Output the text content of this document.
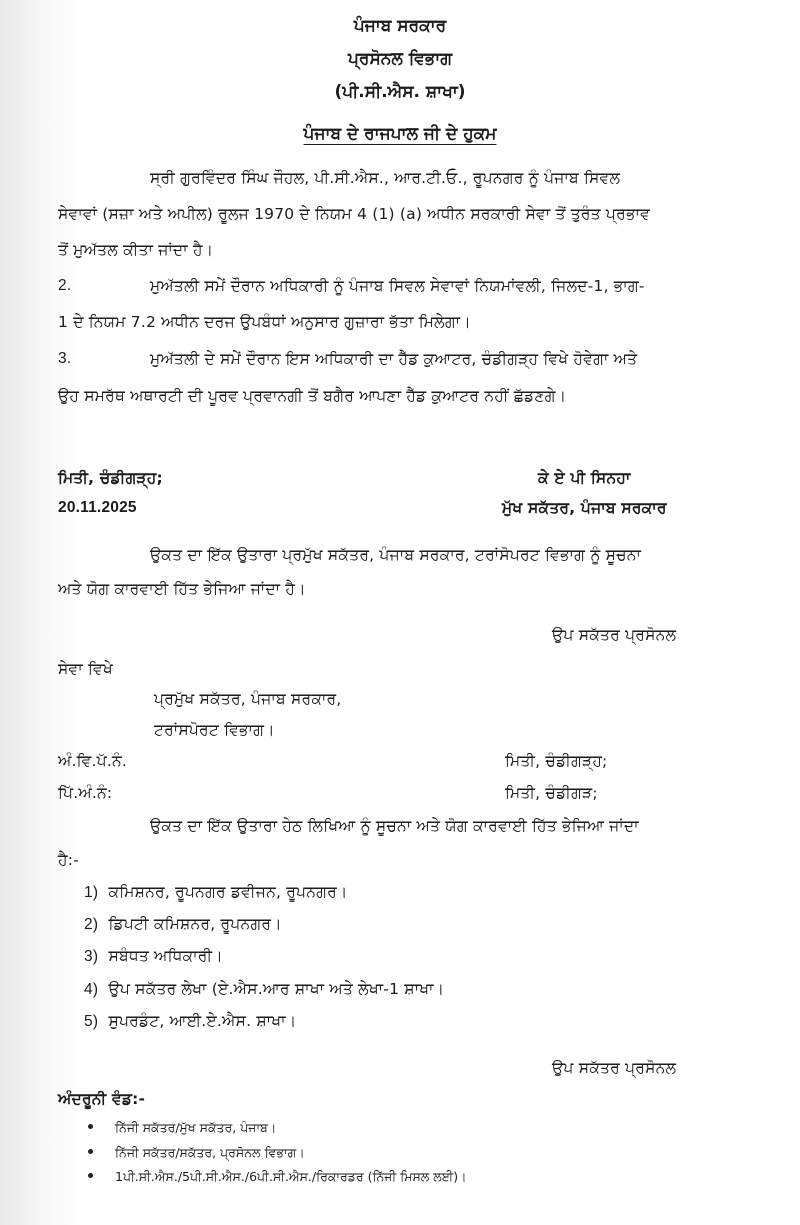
ਪੰਜਾਬ ਸਰਕਾਰ
ਪ੍ਰਸੋਨਲ ਵਿਭਾਗ
(ਪੀ.ਸੀ.ਐਸ. ਸ਼ਾਖਾ)
ਪੰਜਾਬ ਦੇ ਰਾਜਪਾਲ ਜੀ ਦੇ ਹੁਕਮ
ਸ੍ਰੀ ਗੁਰਵਿੰਦਰ ਸਿੰਘ ਜੌਹਲ, ਪੀ.ਸੀ.ਐਸ., ਆਰ.ਟੀ.ਓ., ਰੂਪਨਗਰ ਨੂੰ ਪੰਜਾਬ ਸਿਵਲ
ਸੇਵਾਵਾਂ (ਸਜ਼ਾ ਅਤੇ ਅਪੀਲ) ਰੂਲਜ 1970 ਦੇ ਨਿਯਮ 4 (1) (a) ਅਧੀਨ ਸਰਕਾਰੀ ਸੇਵਾ ਤੋਂ ਤੁਰੰਤ ਪ੍ਰਭਾਵ
ਤੋਂ ਮੁਅੱਤਲ ਕੀਤਾ ਜਾਂਦਾ ਹੈ।
2.	ਮੁਅੱਤਲੀ ਸਮੇਂ ਦੌਰਾਨ ਅਧਿਕਾਰੀ ਨੂੰ ਪੰਜਾਬ ਸਿਵਲ ਸੇਵਾਵਾਂ ਨਿਯਮਾਂਵਲੀ, ਜਿਲਦ-1, ਭਾਗ-
1 ਦੇ ਨਿਯਮ 7.2 ਅਧੀਨ ਦਰਜ ਉਪਬੰਧਾਂ ਅਨੁਸਾਰ ਗੁਜ਼ਾਰਾ ਭੱਤਾ ਮਿਲੇਗਾ।
3.	ਮੁਅੱਤਲੀ ਦੇ ਸਮੇਂ ਦੌਰਾਨ ਇਸ ਅਧਿਕਾਰੀ ਦਾ ਹੈੱਡ ਕੁਆਟਰ, ਚੰਡੀਗੜ੍ਹ ਵਿਖੇ ਹੋਵੇਗਾ ਅਤੇ
ਉਹ ਸਮਰੱਥ ਅਥਾਰਟੀ ਦੀ ਪੂਰਵ ਪ੍ਰਵਾਨਗੀ ਤੋਂ ਬਗੈਰ ਆਪਣਾ ਹੈੱਡ ਕੁਆਟਰ ਨਹੀਂ ਛੱਡਣਗੇ।
ਮਿਤੀ, ਚੰਡੀਗੜ੍ਹ;
20.11.2025
ਕੇ ਏ ਪੀ ਸਿਨਹਾ
ਮੁੱਖ ਸਕੱਤਰ, ਪੰਜਾਬ ਸਰਕਾਰ
ਉਕਤ ਦਾ ਇੱਕ ਉਤਾਰਾ ਪ੍ਰਮੁੱਖ ਸਕੱਤਰ, ਪੰਜਾਬ ਸਰਕਾਰ, ਟਰਾਂਸੋਪਰਟ ਵਿਭਾਗ ਨੂੰ ਸੂਚਨਾ
ਅਤੇ ਯੋਗ ਕਾਰਵਾਈ ਹਿੱਤ ਭੇਜਿਆ ਜਾਂਦਾ ਹੈ।
ਉਪ ਸਕੱਤਰ ਪ੍ਰਸੋਨਲ
ਸੇਵਾ ਵਿਖੇ
ਪ੍ਰਮੁੱਖ ਸਕੱਤਰ, ਪੰਜਾਬ ਸਰਕਾਰ,
ਟਰਾਂਸਪੋਰਟ ਵਿਭਾਗ।
ਅੰ.ਵਿ.ਪੱ.ਨੰ.	ਮਿਤੀ, ਚੰਡੀਗੜ੍ਹ;
ਪਿੱ.ਅੰ.ਨੰ:	ਮਿਤੀ, ਚੰਡੀਗੜ;
ਉਕਤ ਦਾ ਇੱਕ ਉਤਾਰਾ ਹੇਠ ਲਿਖਿਆ ਨੂੰ ਸੂਚਨਾ ਅਤੇ ਯੋਗ ਕਾਰਵਾਈ ਹਿੱਤ ਭੇਜਿਆ ਜਾਂਦਾ
ਹੈ:-
1) ਕਮਿਸ਼ਨਰ, ਰੂਪਨਗਰ ਡਵੀਜਨ, ਰੂਪਨਗਰ।
2) ਡਿਪਟੀ ਕਮਿਸ਼ਨਰ, ਰੂਪਨਗਰ।
3) ਸਬੰਧਤ ਅਧਿਕਾਰੀ।
4) ਉਪ ਸਕੱਤਰ ਲੇਖਾ (ਏ.ਐਸ.ਆਰ ਸ਼ਾਖਾ ਅਤੇ ਲੇਖਾ-1 ਸ਼ਾਖਾ।
5) ਸੁਪਰਡੰਟ, ਆਈ.ਏ.ਐਸ. ਸ਼ਾਖਾ।
ਉਪ ਸਕੱਤਰ ਪ੍ਰਸੋਨਲ
ਅੰਦਰੂਨੀ ਵੰਡ:-
ਨਿੱਜੀ ਸਕੱਤਰ/ਮੁੱਖ ਸਕੱਤਰ, ਪੰਜਾਬ।
ਨਿੱਜੀ ਸਕੱਤਰ/ਸਕੱਤਰ, ਪ੍ਰਸੋਨਲ ਵਿਭਾਗ।
1ਪੀ.ਸੀ.ਐਸ./5ਪੀ.ਸੀ.ਐਸ./6ਪੀ.ਸੀ.ਐਸ./ਰਿਕਾਰਡਰ (ਨਿੱਜੀ ਮਿਸਲ ਲਈ)।
